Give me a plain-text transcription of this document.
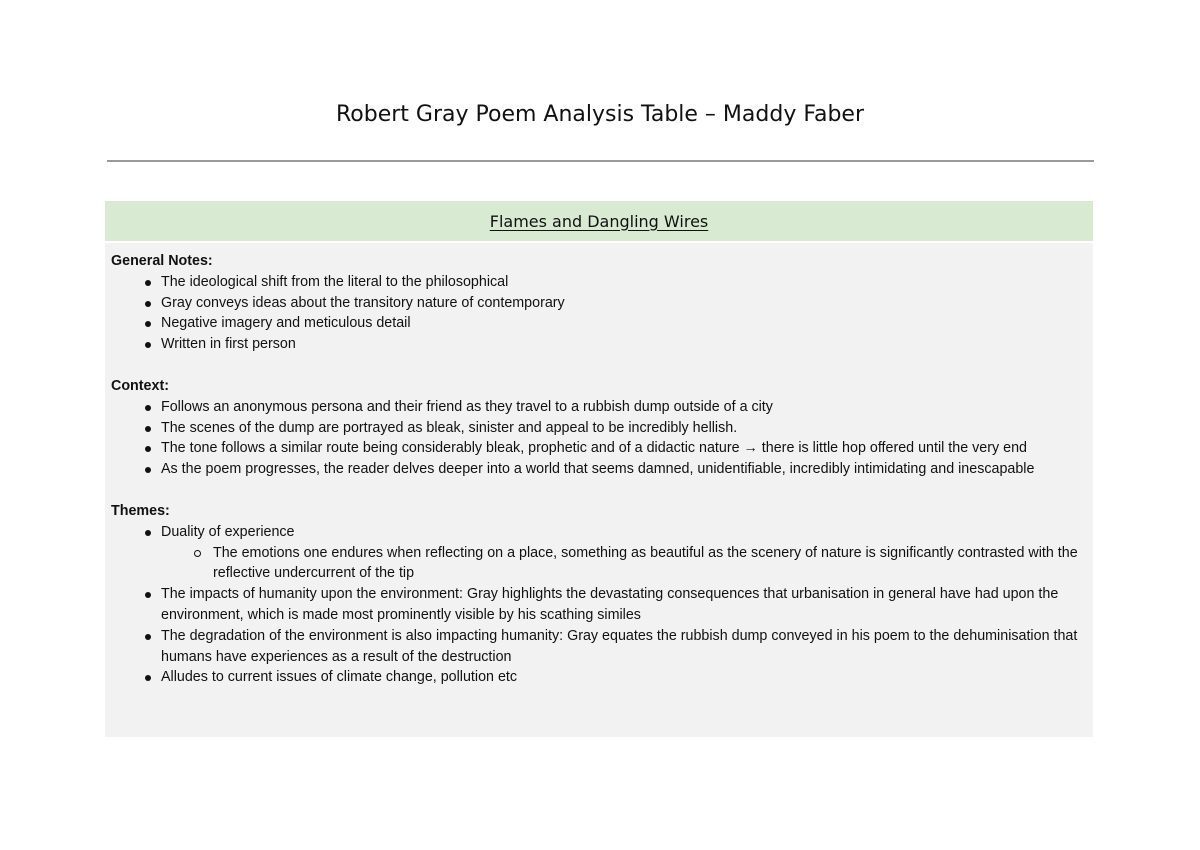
Robert Gray Poem Analysis Table – Maddy Faber
Flames and Dangling Wires

General Notes:

The ideological shift from the literal to the philosophical
Gray conveys ideas about the transitory nature of contemporary
Negative imagery and meticulous detail
Written in first person

Context:

Follows an anonymous persona and their friend as they travel to a rubbish dump outside of a city
The scenes of the dump are portrayed as bleak, sinister and appeal to be incredibly hellish.
The tone follows a similar route being considerably bleak, prophetic and of a didactic nature → there is little hop offered until the very end
As the poem progresses, the reader delves deeper into a world that seems damned, unidentifiable, incredibly intimidating and inescapable

Themes:

Duality of experience
The emotions one endures when reflecting on a place, something as beautiful as the scenery of nature is significantly contrasted with the reflective undercurrent of the tip
The impacts of humanity upon the environment: Gray highlights the devastating consequences that urbanisation in general have had upon the environment, which is made most prominently visible by his scathing similes
The degradation of the environment is also impacting humanity: Gray equates the rubbish dump conveyed in his poem to the dehuminisation that humans have experiences as a result of the destruction
Alludes to current issues of climate change, pollution etc
